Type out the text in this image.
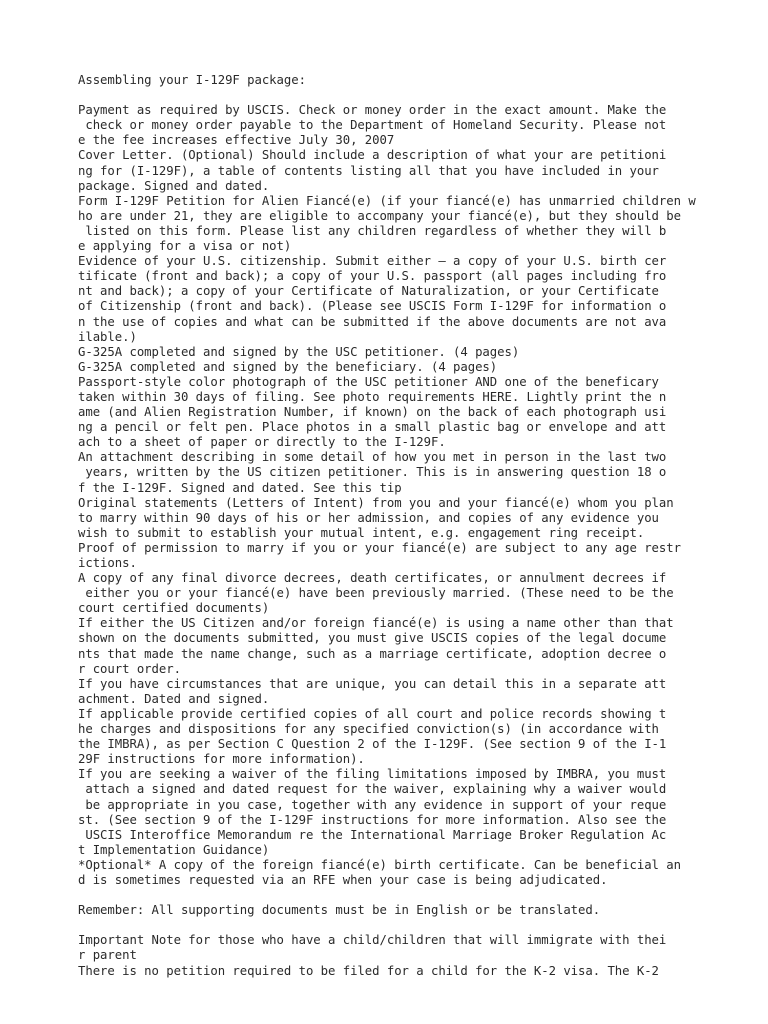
Assembling your I-129F package:
Payment as required by USCIS. Check or money order in the exact amount. Make the
check or money order payable to the Department of Homeland Security. Please not
e the fee increases effective July 30, 2007
Cover Letter. (Optional) Should include a description of what your are petitioni
ng for (I-129F), a table of contents listing all that you have included in your
package. Signed and dated.
Form I-129F Petition for Alien Fiancé(e) (if your fiancé(e) has unmarried children w
ho are under 21, they are eligible to accompany your fiancé(e), but they should be
listed on this form. Please list any children regardless of whether they will b
e applying for a visa or not)
Evidence of your U.S. citizenship. Submit either – a copy of your U.S. birth cer
tificate (front and back); a copy of your U.S. passport (all pages including fro
nt and back); a copy of your Certificate of Naturalization, or your Certificate
of Citizenship (front and back). (Please see USCIS Form I-129F for information o
n the use of copies and what can be submitted if the above documents are not ava
ilable.)
G-325A completed and signed by the USC petitioner. (4 pages)
G-325A completed and signed by the beneficiary. (4 pages)
Passport-style color photograph of the USC petitioner AND one of the beneficary
taken within 30 days of filing. See photo requirements HERE. Lightly print the n
ame (and Alien Registration Number, if known) on the back of each photograph usi
ng a pencil or felt pen. Place photos in a small plastic bag or envelope and att
ach to a sheet of paper or directly to the I-129F.
An attachment describing in some detail of how you met in person in the last two
years, written by the US citizen petitioner. This is in answering question 18 o
f the I-129F. Signed and dated. See this tip
Original statements (Letters of Intent) from you and your fiancé(e) whom you plan
to marry within 90 days of his or her admission, and copies of any evidence you
wish to submit to establish your mutual intent, e.g. engagement ring receipt.
Proof of permission to marry if you or your fiancé(e) are subject to any age restr
ictions.
A copy of any final divorce decrees, death certificates, or annulment decrees if
either you or your fiancé(e) have been previously married. (These need to be the
court certified documents)
If either the US Citizen and/or foreign fiancé(e) is using a name other than that
shown on the documents submitted, you must give USCIS copies of the legal docume
nts that made the name change, such as a marriage certificate, adoption decree o
r court order.
If you have circumstances that are unique, you can detail this in a separate att
achment. Dated and signed.
If applicable provide certified copies of all court and police records showing t
he charges and dispositions for any specified conviction(s) (in accordance with
the IMBRA), as per Section C Question 2 of the I-129F. (See section 9 of the I-1
29F instructions for more information).
If you are seeking a waiver of the filing limitations imposed by IMBRA, you must
attach a signed and dated request for the waiver, explaining why a waiver would
be appropriate in you case, together with any evidence in support of your reque
st. (See section 9 of the I-129F instructions for more information. Also see the
USCIS Interoffice Memorandum re the International Marriage Broker Regulation Ac
t Implementation Guidance)
*Optional* A copy of the foreign fiancé(e) birth certificate. Can be beneficial an
d is sometimes requested via an RFE when your case is being adjudicated.
Remember: All supporting documents must be in English or be translated.
Important Note for those who have a child/children that will immigrate with thei
r parent
There is no petition required to be filed for a child for the K-2 visa. The K-2
